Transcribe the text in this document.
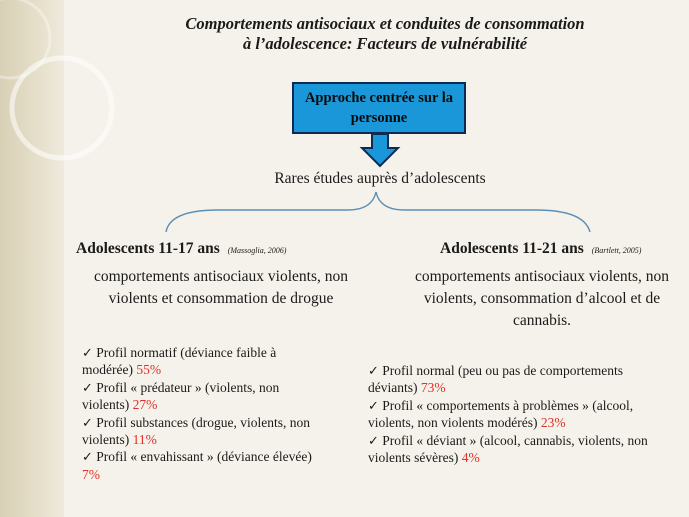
Comportements antisociaux et conduites de consommation
à l’adolescence: Facteurs de vulnérabilité
Approche centrée sur la personne
Rares études auprès d’adolescents
Adolescents 11-17 ans (Massoglia, 2006)
comportements antisociaux violents, non violents et consommation de drogue
✓ Profil normatif (déviance faible à modérée) 55%
✓ Profil « prédateur » (violents, non violents) 27%
✓ Profil substances (drogue, violents, non violents) 11%
✓ Profil « envahissant » (déviance élevée) 7%
Adolescents 11-21 ans (Bartlett, 2005)
comportements antisociaux violents, non violents, consommation d’alcool et de cannabis.
✓ Profil normal (peu ou pas de comportements déviants) 73%
✓ Profil « comportements à problèmes » (alcool, violents, non violents modérés) 23%
✓ Profil « déviant » (alcool, cannabis, violents, non violents sévères) 4%
